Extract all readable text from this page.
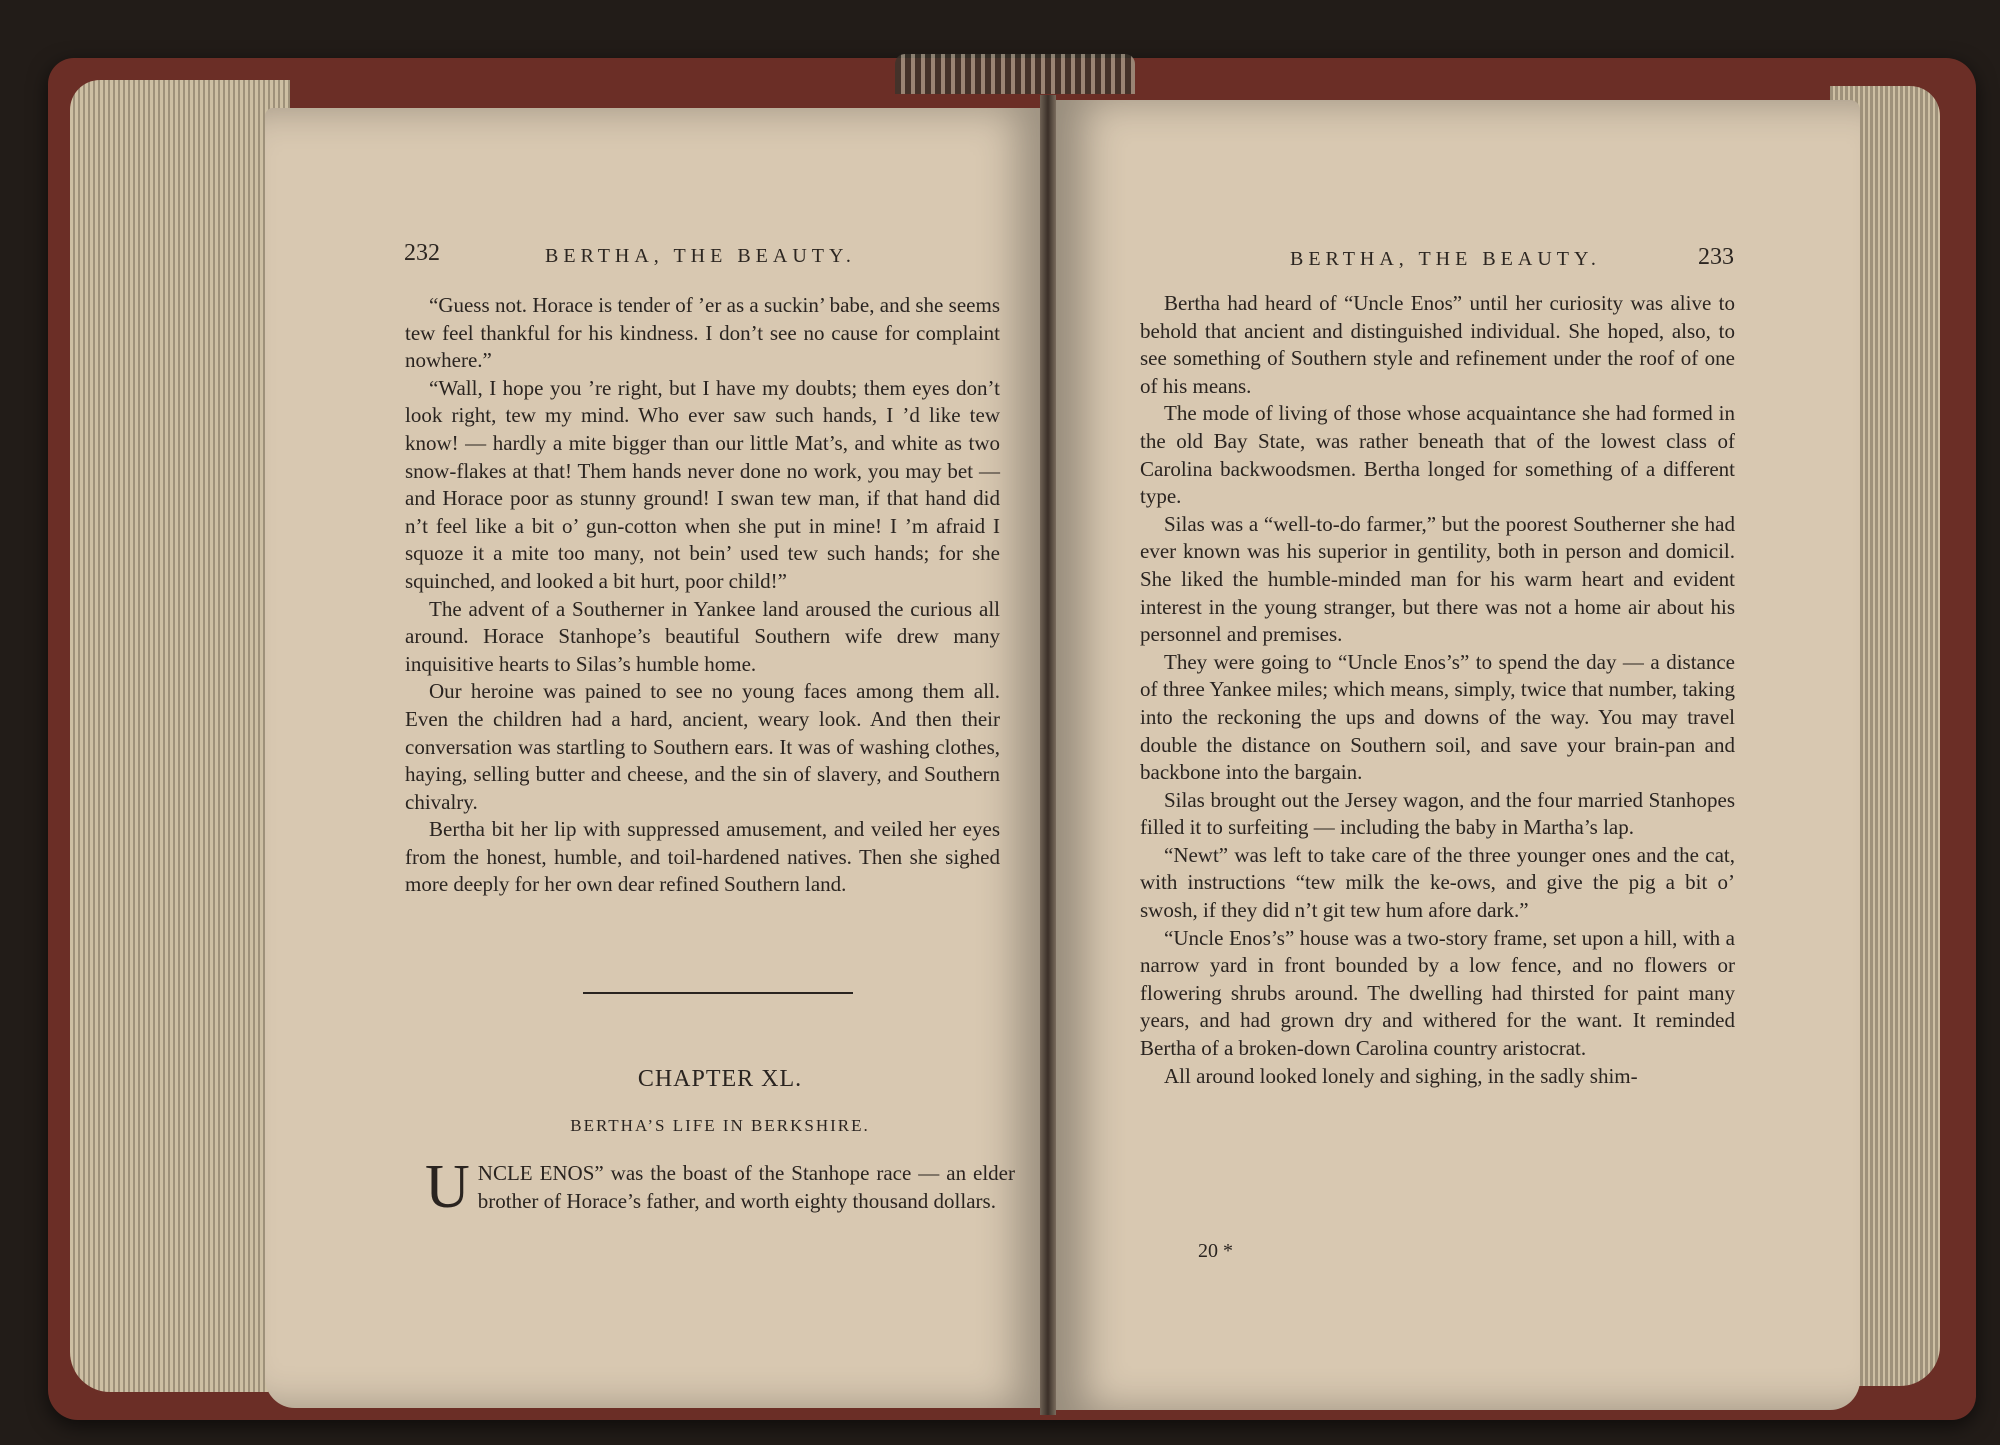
232	BERTHA, THE BEAUTY.

“Guess not. Horace is tender of ’er as a suckin’ babe, and she seems tew feel thankful for his kindness. I don’t see no cause for complaint nowhere.”

“Wall, I hope you ’re right, but I have my doubts; them eyes don’t look right, tew my mind. Who ever saw such hands, I ’d like tew know! — hardly a mite bigger than our little Mat’s, and white as two snow-flakes at that! Them hands never done no work, you may bet — and Horace poor as stunny ground! I swan tew man, if that hand did n’t feel like a bit o’ gun-cotton when she put in mine! I ’m afraid I squoze it a mite too many, not bein’ used tew such hands; for she squinched, and looked a bit hurt, poor child!”

The advent of a Southerner in Yankee land aroused the curious all around. Horace Stanhope’s beautiful Southern wife drew many inquisitive hearts to Silas’s humble home.

Our heroine was pained to see no young faces among them all. Even the children had a hard, ancient, weary look. And then their conversation was startling to Southern ears. It was of washing clothes, haying, selling butter and cheese, and the sin of slavery, and Southern chivalry.

Bertha bit her lip with suppressed amusement, and veiled her eyes from the honest, humble, and toil-hardened natives. Then she sighed more deeply for her own dear refined Southern land.

CHAPTER XL.
BERTHA’S LIFE IN BERKSHIRE.

UNCLE ENOS” was the boast of the Stanhope race — an elder brother of Horace’s father, and worth eighty thousand dollars.

BERTHA, THE BEAUTY.	233

Bertha had heard of “Uncle Enos” until her curiosity was alive to behold that ancient and distinguished individual. She hoped, also, to see something of Southern style and refinement under the roof of one of his means.

The mode of living of those whose acquaintance she had formed in the old Bay State, was rather beneath that of the lowest class of Carolina backwoodsmen. Bertha longed for something of a different type.

Silas was a “well-to-do farmer,” but the poorest Southerner she had ever known was his superior in gentility, both in person and domicil. She liked the humble-minded man for his warm heart and evident interest in the young stranger, but there was not a home air about his personnel and premises.

They were going to “Uncle Enos’s” to spend the day — a distance of three Yankee miles; which means, simply, twice that number, taking into the reckoning the ups and downs of the way. You may travel double the distance on Southern soil, and save your brain-pan and backbone into the bargain.

Silas brought out the Jersey wagon, and the four married Stanhopes filled it to surfeiting — including the baby in Martha’s lap.

“Newt” was left to take care of the three younger ones and the cat, with instructions “tew milk the ke-ows, and give the pig a bit o’ swosh, if they did n’t git tew hum afore dark.”

“Uncle Enos’s” house was a two-story frame, set upon a hill, with a narrow yard in front bounded by a low fence, and no flowers or flowering shrubs around. The dwelling had thirsted for paint many years, and had grown dry and withered for the want. It reminded Bertha of a broken-down Carolina country aristocrat.

All around looked lonely and sighing, in the sadly shim-

20 *
